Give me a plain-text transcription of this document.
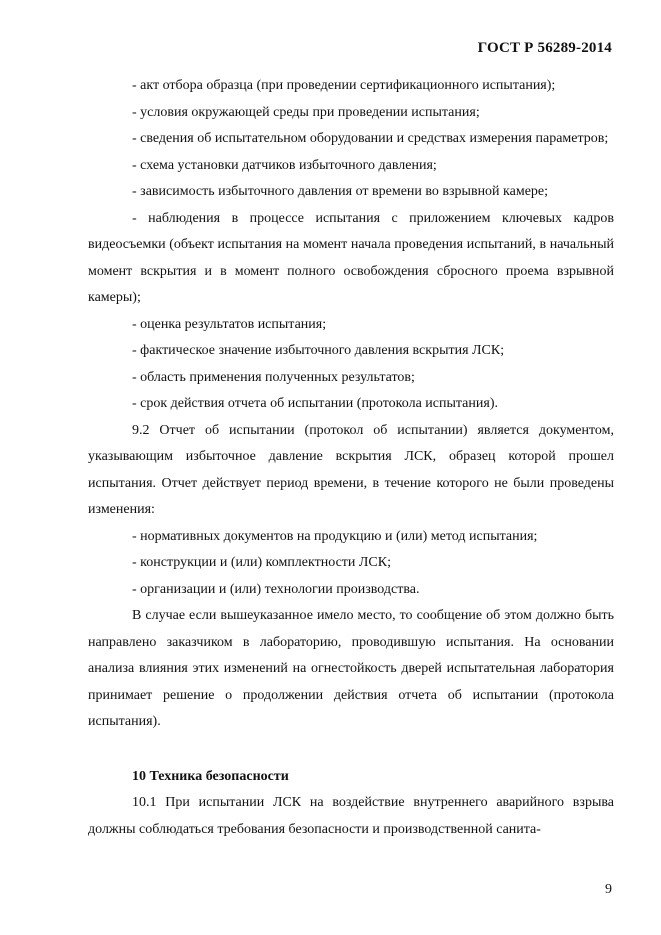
ГОСТ Р 56289-2014
- акт отбора образца (при проведении сертификационного испытания);
- условия окружающей среды при проведении испытания;
- сведения об испытательном оборудовании и средствах измерения параметров;
- схема установки датчиков избыточного давления;
- зависимость избыточного давления от времени во взрывной камере;
- наблюдения в процессе испытания с приложением ключевых кадров видеосъемки (объект испытания на момент начала проведения испытаний, в начальный момент вскрытия и в момент полного освобождения сбросного проема взрывной камеры);
- оценка результатов испытания;
- фактическое значение избыточного давления вскрытия ЛСК;
- область применения полученных результатов;
- срок действия отчета об испытании (протокола испытания).
9.2 Отчет об испытании (протокол об испытании) является документом, указывающим избыточное давление вскрытия ЛСК, образец которой прошел испытания. Отчет действует период времени, в течение которого не были проведены изменения:
- нормативных документов на продукцию и (или) метод испытания;
- конструкции и (или) комплектности ЛСК;
- организации и (или) технологии производства.
В случае если вышеуказанное имело место, то сообщение об этом должно быть направлено заказчиком в лабораторию, проводившую испытания. На основании анализа влияния этих изменений на огнестойкость дверей испытательная лаборатория принимает решение о продолжении действия отчета об испытании (протокола испытания).
10 Техника безопасности
10.1 При испытании ЛСК на воздействие внутреннего аварийного взрыва должны соблюдаться требования безопасности и производственной санита-
9
